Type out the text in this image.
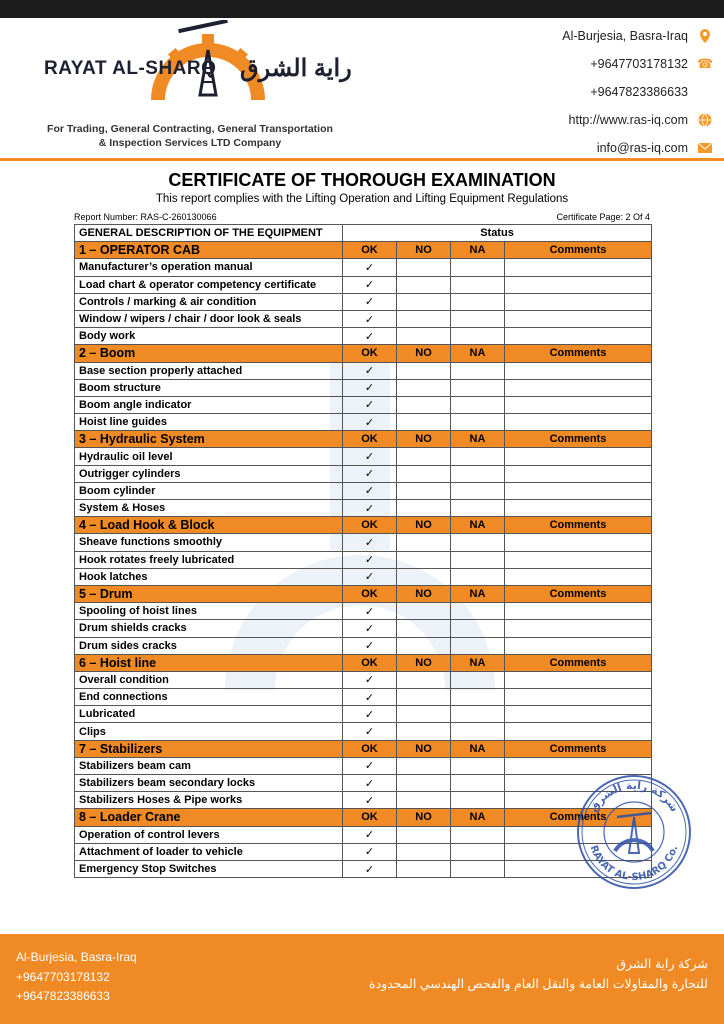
RAYAT AL-SHARQ راية الشرق
For Trading, General Contracting, General Transportation
& Inspection Services LTD Company
Al-Burjesia, Basra-Iraq
+9647703178132 ☎
+9647823386633
http://www.ras-iq.com
info@ras-iq.com
CERTIFICATE OF THOROUGH EXAMINATION
This report complies with the Lifting Operation and Lifting Equipment Regulations
Report Number: RAS-C-260130066	Certificate Page: 2 Of 4
GENERAL DESCRIPTION OF THE EQUIPMENT	Status			
1 – OPERATOR CAB	OK	NO	NA	Comments
Manufacturer’s operation manual	✓			
Load chart & operator competency certificate	✓			
Controls / marking & air condition	✓			
Window / wipers / chair / door look & seals	✓			
Body work	✓			
2 – Boom	OK	NO	NA	Comments
Base section properly attached	✓			
Boom structure	✓			
Boom angle indicator	✓			
Hoist line guides	✓			
3 – Hydraulic System	OK	NO	NA	Comments
Hydraulic oil level	✓			
Outrigger cylinders	✓			
Boom cylinder	✓			
System & Hoses	✓			
4 – Load Hook & Block	OK	NO	NA	Comments
Sheave functions smoothly	✓			
Hook rotates freely lubricated	✓			
Hook latches	✓			
5 – Drum	OK	NO	NA	Comments
Spooling of hoist lines	✓			
Drum shields cracks	✓			
Drum sides cracks	✓			
6 – Hoist line	OK	NO	NA	Comments
Overall condition	✓			
End connections	✓			
Lubricated	✓			
Clips	✓			
7 – Stabilizers	OK	NO	NA	Comments
Stabilizers beam cam	✓			
Stabilizers beam secondary locks	✓			
Stabilizers Hoses & Pipe works	✓			
8 – Loader Crane	OK	NO	NA	Comments
Operation of control levers	✓			
Attachment of loader to vehicle	✓			
Emergency Stop Switches	✓			
شركة راية الشرق
RAYAT AL-SHARQ Co.
Al-Burjesia, Basra-Iraq
+9647703178132
+9647823386633
شركة راية الشرق
للتجارة والمقاولات العامة والنقل العام والفحص الهندسي المحدودة
